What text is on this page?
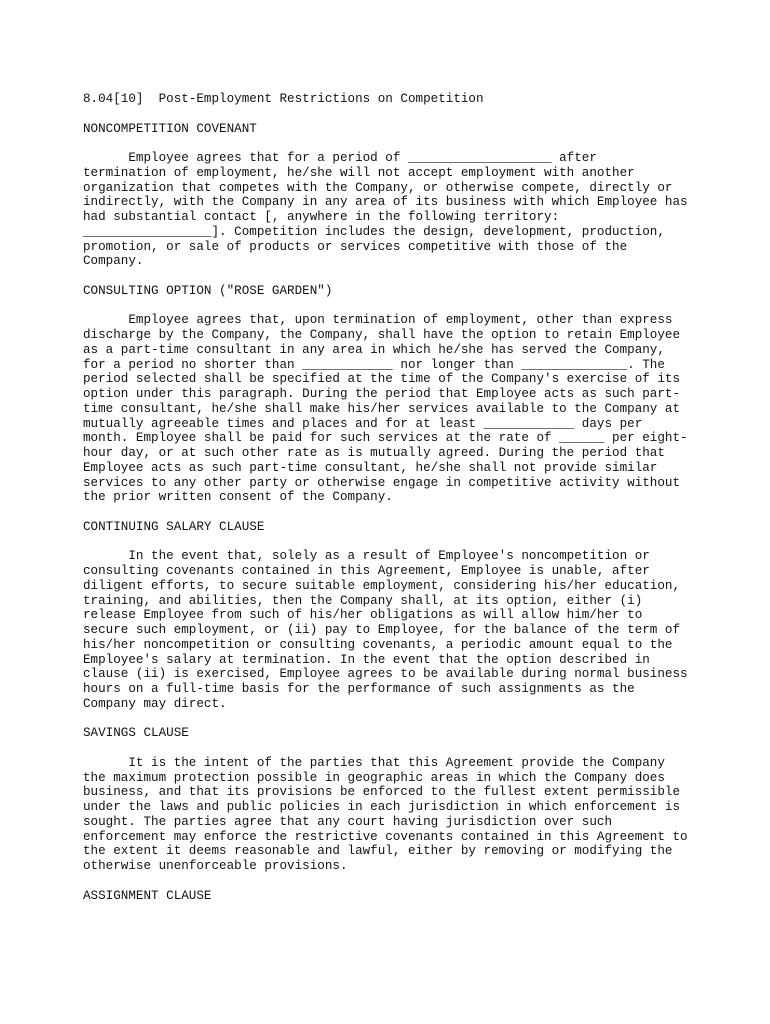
8.04[10]  Post-Employment Restrictions on Competition
NONCOMPETITION COVENANT
Employee agrees that for a period of ___________________ after
termination of employment, he/she will not accept employment with another
organization that competes with the Company, or otherwise compete, directly or
indirectly, with the Company in any area of its business with which Employee has
had substantial contact [, anywhere in the following territory:
_________________]. Competition includes the design, development, production,
promotion, or sale of products or services competitive with those of the
Company.
CONSULTING OPTION ("ROSE GARDEN")
Employee agrees that, upon termination of employment, other than express
discharge by the Company, the Company, shall have the option to retain Employee
as a part-time consultant in any area in which he/she has served the Company,
for a period no shorter than ____________ nor longer than ______________. The
period selected shall be specified at the time of the Company's exercise of its
option under this paragraph. During the period that Employee acts as such part-
time consultant, he/she shall make his/her services available to the Company at
mutually agreeable times and places and for at least ____________ days per
month. Employee shall be paid for such services at the rate of ______ per eight-
hour day, or at such other rate as is mutually agreed. During the period that
Employee acts as such part-time consultant, he/she shall not provide similar
services to any other party or otherwise engage in competitive activity without
the prior written consent of the Company.
CONTINUING SALARY CLAUSE
In the event that, solely as a result of Employee's noncompetition or
consulting covenants contained in this Agreement, Employee is unable, after
diligent efforts, to secure suitable employment, considering his/her education,
training, and abilities, then the Company shall, at its option, either (i)
release Employee from such of his/her obligations as will allow him/her to
secure such employment, or (ii) pay to Employee, for the balance of the term of
his/her noncompetition or consulting covenants, a periodic amount equal to the
Employee's salary at termination. In the event that the option described in
clause (ii) is exercised, Employee agrees to be available during normal business
hours on a full-time basis for the performance of such assignments as the
Company may direct.
SAVINGS CLAUSE
It is the intent of the parties that this Agreement provide the Company
the maximum protection possible in geographic areas in which the Company does
business, and that its provisions be enforced to the fullest extent permissible
under the laws and public policies in each jurisdiction in which enforcement is
sought. The parties agree that any court having jurisdiction over such
enforcement may enforce the restrictive covenants contained in this Agreement to
the extent it deems reasonable and lawful, either by removing or modifying the
otherwise unenforceable provisions.
ASSIGNMENT CLAUSE
